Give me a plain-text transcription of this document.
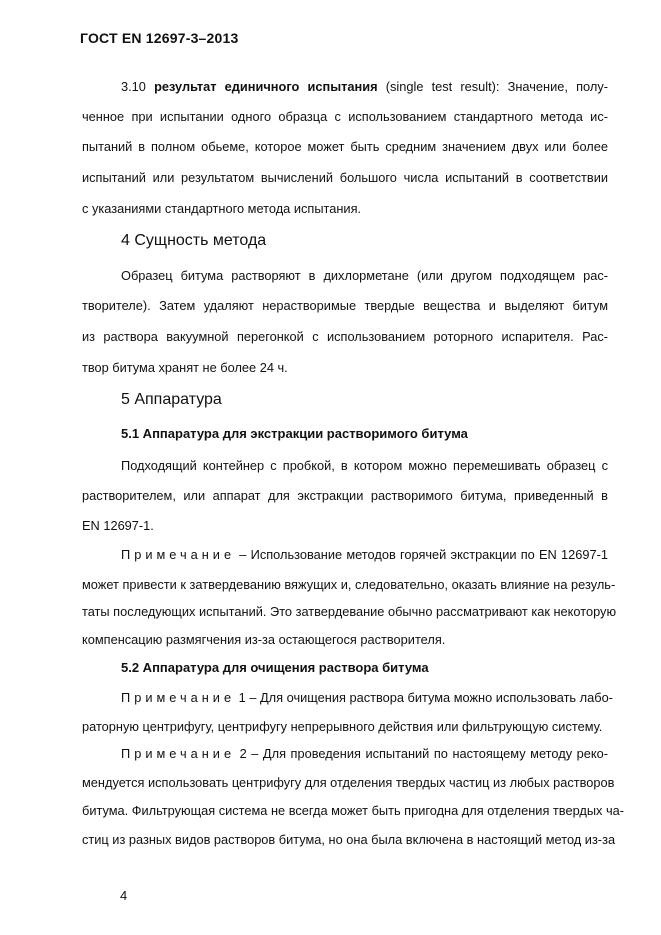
ГОСТ EN 12697-3–2013
3.10 результат единичного испытания (single test result): Значение, полу-
ченное при испытании одного образца с использованием стандартного метода ис-
пытаний в полном обьеме, которое может быть средним значением двух или более
испытаний или результатом вычислений большого числа испытаний в соответствии
с указаниями стандартного метода испытания.
4 Сущность метода
Образец битума растворяют в дихлорметане (или другом подходящем рас-
творителе). Затем удаляют нерастворимые твердые вещества и выделяют битум
из раствора вакуумной перегонкой с использованием роторного испарителя. Рас-
твор битума хранят не более 24 ч.
5 Аппаратура
5.1 Аппаратура для экстракции растворимого битума
Подходящий контейнер с пробкой, в котором можно перемешивать образец с
растворителем, или аппарат для экстракции растворимого битума, приведенный в
EN 12697-1.
Примечание – Использование методов горячей экстракции по EN 12697-1
может привести к затвердеванию вяжущих и, следовательно, оказать влияние на резуль-
таты последующих испытаний. Это затвердевание обычно рассматривают как некоторую
компенсацию размягчения из-за остающегося растворителя.
5.2 Аппаратура для очищения раствора битума
Примечание 1 – Для очищения раствора битума можно использовать лабо-
раторную центрифугу, центрифугу непрерывного действия или фильтрующую систему.
Примечание 2 – Для проведения испытаний по настоящему методу реко-
мендуется использовать центрифугу для отделения твердых частиц из любых растворов
битума. Фильтрующая система не всегда может быть пригодна для отделения твердых ча-
стиц из разных видов растворов битума, но она была включена в настоящий метод из-за
4
